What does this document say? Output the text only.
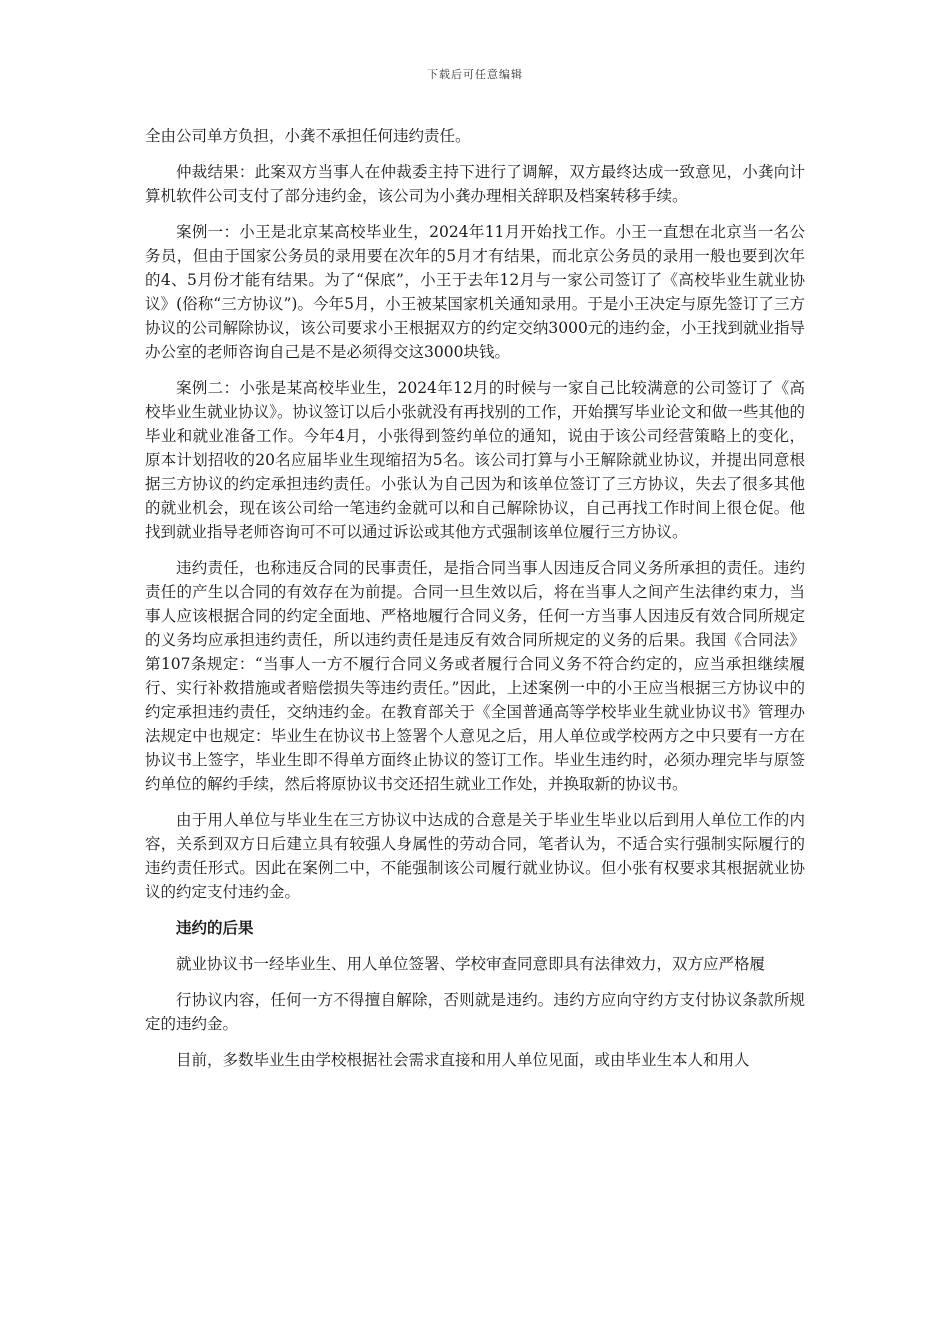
下载后可任意编辑

全由公司单方负担，小龚不承担任何违约责任。

仲裁结果：此案双方当事人在仲裁委主持下进行了调解，双方最终达成一致意见，小龚向计算机软件公司支付了部分违约金，该公司为小龚办理相关辞职及档案转移手续。

案例一：小王是北京某高校毕业生，2024年11月开始找工作。小王一直想在北京当一名公务员，但由于国家公务员的录用要在次年的5月才有结果，而北京公务员的录用一般也要到次年的4、5月份才能有结果。为了“保底”，小王于去年12月与一家公司签订了《高校毕业生就业协议》(俗称“三方协议”)。今年5月，小王被某国家机关通知录用。于是小王决定与原先签订了三方协议的公司解除协议，该公司要求小王根据双方的约定交纳3000元的违约金，小王找到就业指导办公室的老师咨询自己是不是必须得交这3000块钱。

案例二：小张是某高校毕业生，2024年12月的时候与一家自己比较满意的公司签订了《高校毕业生就业协议》。协议签订以后小张就没有再找别的工作，开始撰写毕业论文和做一些其他的毕业和就业准备工作。今年4月，小张得到签约单位的通知，说由于该公司经营策略上的变化，原本计划招收的20名应届毕业生现缩招为5名。该公司打算与小王解除就业协议，并提出同意根据三方协议的约定承担违约责任。小张认为自己因为和该单位签订了三方协议，失去了很多其他的就业机会，现在该公司给一笔违约金就可以和自己解除协议，自己再找工作时间上很仓促。他找到就业指导老师咨询可不可以通过诉讼或其他方式强制该单位履行三方协议。

违约责任，也称违反合同的民事责任，是指合同当事人因违反合同义务所承担的责任。违约责任的产生以合同的有效存在为前提。合同一旦生效以后，将在当事人之间产生法律约束力，当事人应该根据合同的约定全面地、严格地履行合同义务，任何一方当事人因违反有效合同所规定的义务均应承担违约责任，所以违约责任是违反有效合同所规定的义务的后果。我国《合同法》第107条规定：“当事人一方不履行合同义务或者履行合同义务不符合约定的，应当承担继续履行、实行补救措施或者赔偿损失等违约责任。”因此，上述案例一中的小王应当根据三方协议中的约定承担违约责任，交纳违约金。在教育部关于《全国普通高等学校毕业生就业协议书》管理办法规定中也规定：毕业生在协议书上签署个人意见之后，用人单位或学校两方之中只要有一方在协议书上签字，毕业生即不得单方面终止协议的签订工作。毕业生违约时，必须办理完毕与原签约单位的解约手续，然后将原协议书交还招生就业工作处，并换取新的协议书。

由于用人单位与毕业生在三方协议中达成的合意是关于毕业生毕业以后到用人单位工作的内容，关系到双方日后建立具有较强人身属性的劳动合同，笔者认为，不适合实行强制实际履行的违约责任形式。因此在案例二中，不能强制该公司履行就业协议。但小张有权要求其根据就业协议的约定支付违约金。

违约的后果

就业协议书一经毕业生、用人单位签署、学校审查同意即具有法律效力，双方应严格履

行协议内容，任何一方不得擅自解除，否则就是违约。违约方应向守约方支付协议条款所规定的违约金。

目前，多数毕业生由学校根据社会需求直接和用人单位见面，或由毕业生本人和用人
